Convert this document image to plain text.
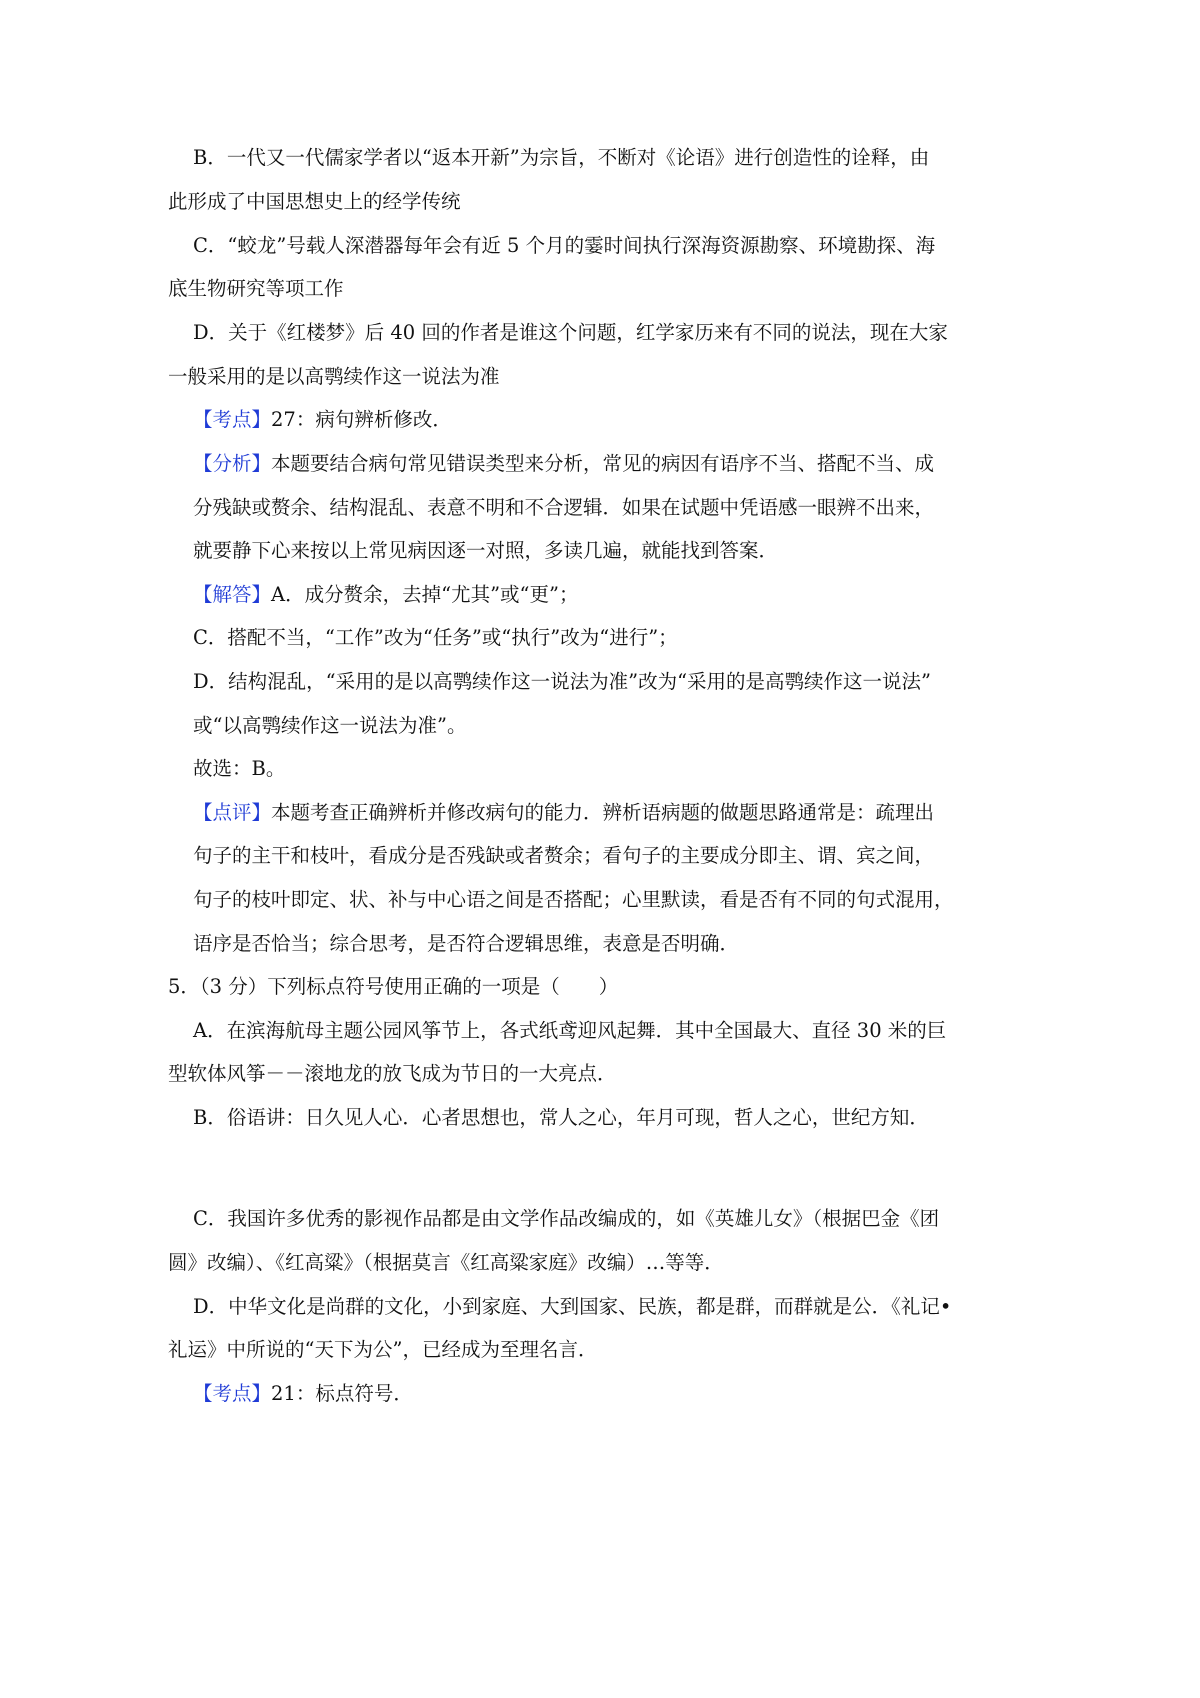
B．一代又一代儒家学者以“返本开新”为宗旨，不断对《论语》进行创造性的诠释，由
此形成了中国思想史上的经学传统
C．“蛟龙”号载人深潜器每年会有近 5 个月的霎时间执行深海资源勘察、环境勘探、海
底生物研究等项工作
D．关于《红楼梦》后 40 回的作者是谁这个问题，红学家历来有不同的说法，现在大家
一般采用的是以高鹗续作这一说法为准
【考点】27：病句辨析修改．
【分析】本题要结合病句常见错误类型来分析，常见的病因有语序不当、搭配不当、成
分残缺或赘余、结构混乱、表意不明和不合逻辑．如果在试题中凭语感一眼辨不出来，
就要静下心来按以上常见病因逐一对照，多读几遍，就能找到答案．
【解答】A．成分赘余，去掉“尤其”或“更”；
C．搭配不当，“工作”改为“任务”或“执行”改为“进行”；
D．结构混乱，“采用的是以高鹗续作这一说法为准”改为“采用的是高鹗续作这一说法”
或“以高鹗续作这一说法为准”。
故选：B。
【点评】本题考查正确辨析并修改病句的能力．辨析语病题的做题思路通常是：疏理出
句子的主干和枝叶，看成分是否残缺或者赘余；看句子的主要成分即主、谓、宾之间，
句子的枝叶即定、状、补与中心语之间是否搭配；心里默读，看是否有不同的句式混用，
语序是否恰当；综合思考，是否符合逻辑思维，表意是否明确．
5．（3 分）下列标点符号使用正确的一项是（　　）
A．在滨海航母主题公园风筝节上，各式纸鸢迎风起舞．其中全国最大、直径 30 米的巨
型软体风筝－－滚地龙的放飞成为节日的一大亮点．
B．俗语讲：日久见人心．心者思想也，常人之心，年月可现，哲人之心，世纪方知．
C．我国许多优秀的影视作品都是由文学作品改编成的，如《英雄儿女》（根据巴金《团
圆》改编）、《红高粱》（根据莫言《红高粱家庭》改编）…等等．
D．中华文化是尚群的文化，小到家庭、大到国家、民族，都是群，而群就是公．《礼记•
礼运》中所说的“天下为公”，已经成为至理名言．
【考点】21：标点符号．
